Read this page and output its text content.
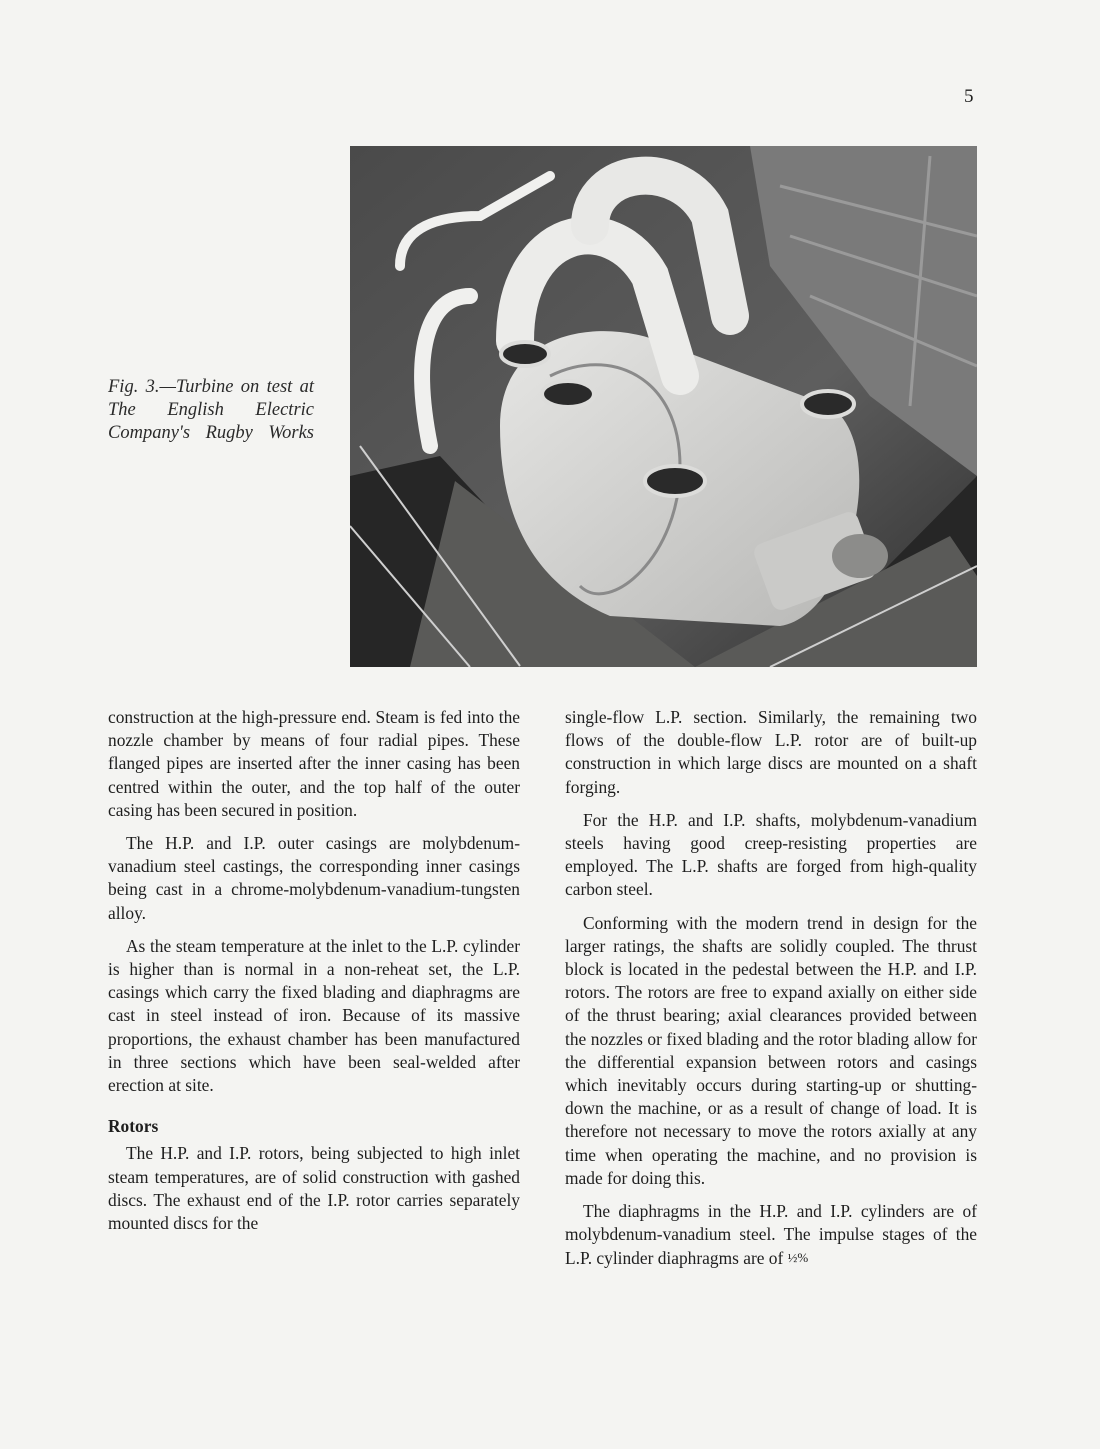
5
Fig. 3.—Turbine on test at The English Electric Company's Rugby Works

construction at the high-pressure end. Steam is fed into the nozzle chamber by means of four radial pipes. These flanged pipes are inserted after the inner casing has been centred within the outer, and the top half of the outer casing has been secured in position.

The H.P. and I.P. outer casings are molybdenum-vanadium steel castings, the corresponding inner casings being cast in a chrome-molybdenum-vanadium-tungsten alloy.

As the steam temperature at the inlet to the L.P. cylinder is higher than is normal in a non-reheat set, the L.P. casings which carry the fixed blading and diaphragms are cast in steel instead of iron. Because of its massive proportions, the exhaust chamber has been manufactured in three sections which have been seal-welded after erection at site.

Rotors

The H.P. and I.P. rotors, being subjected to high inlet steam temperatures, are of solid construction with gashed discs. The exhaust end of the I.P. rotor carries separately mounted discs for the

single-flow L.P. section. Similarly, the remaining two flows of the double-flow L.P. rotor are of built-up construction in which large discs are mounted on a shaft forging.

For the H.P. and I.P. shafts, molybdenum-vanadium steels having good creep-resisting properties are employed. The L.P. shafts are forged from high-quality carbon steel.

Conforming with the modern trend in design for the larger ratings, the shafts are solidly coupled. The thrust block is located in the pedestal between the H.P. and I.P. rotors. The rotors are free to expand axially on either side of the thrust bearing; axial clearances provided between the nozzles or fixed blading and the rotor blading allow for the differential expansion between rotors and casings which inevitably occurs during starting-up or shutting-down the machine, or as a result of change of load. It is therefore not necessary to move the rotors axially at any time when operating the machine, and no provision is made for doing this.

The diaphragms in the H.P. and I.P. cylinders are of molybdenum-vanadium steel. The impulse stages of the L.P. cylinder diaphragms are of ½%
